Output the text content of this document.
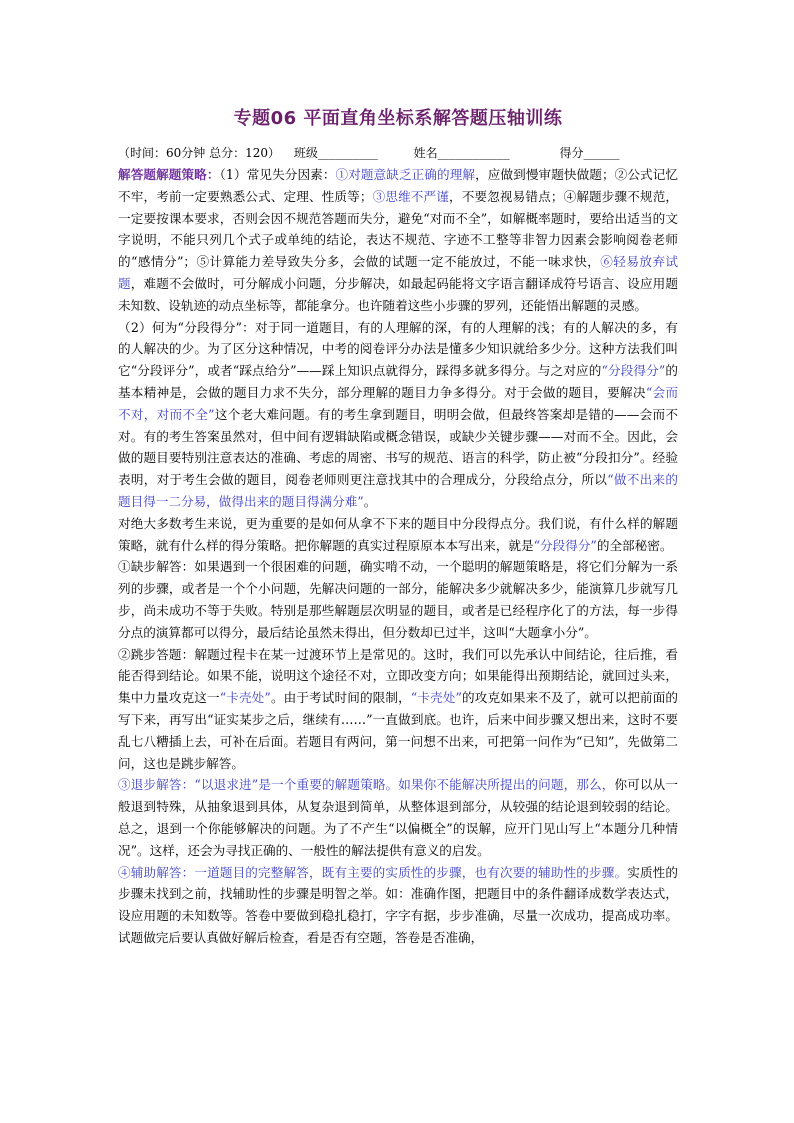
专题06 平面直角坐标系解答题压轴训练
（时间：60分钟 总分：120） 班级__________	姓名____________	得分______

解答题解题策略：（1）常见失分因素：①对题意缺乏正确的理解，应做到慢审题快做题；②公式记忆不牢，考前一定要熟悉公式、定理、性质等；③思维不严谨，不要忽视易错点；④解题步骤不规范，一定要按课本要求，否则会因不规范答题而失分，避免“对而不全”，如解概率题时，要给出适当的文字说明，不能只列几个式子或单纯的结论，表达不规范、字迹不工整等非智力因素会影响阅卷老师的“感情分”；⑤计算能力差导致失分多，会做的试题一定不能放过，不能一味求快，⑥轻易放弃试题，难题不会做时，可分解成小问题，分步解决，如最起码能将文字语言翻译成符号语言、设应用题未知数、设轨迹的动点坐标等，都能拿分。也许随着这些小步骤的罗列，还能悟出解题的灵感。

（2）何为“分段得分”：对于同一道题目，有的人理解的深，有的人理解的浅；有的人解决的多，有的人解决的少。为了区分这种情况，中考的阅卷评分办法是懂多少知识就给多少分。这种方法我们叫它“分段评分”，或者“踩点给分”——踩上知识点就得分，踩得多就多得分。与之对应的“分段得分”的基本精神是，会做的题目力求不失分，部分理解的题目力争多得分。对于会做的题目，要解决“会而不对，对而不全”这个老大难问题。有的考生拿到题目，明明会做，但最终答案却是错的——会而不对。有的考生答案虽然对，但中间有逻辑缺陷或概念错误，或缺少关键步骤——对而不全。因此，会做的题目要特别注意表达的准确、考虑的周密、书写的规范、语言的科学，防止被“分段扣分”。经验表明，对于考生会做的题目，阅卷老师则更注意找其中的合理成分，分段给点分，所以“做不出来的题目得一二分易，做得出来的题目得满分难”。

对绝大多数考生来说，更为重要的是如何从拿不下来的题目中分段得点分。我们说，有什么样的解题策略，就有什么样的得分策略。把你解题的真实过程原原本本写出来，就是“分段得分”的全部秘密。

①缺步解答：如果遇到一个很困难的问题，确实啃不动，一个聪明的解题策略是，将它们分解为一系列的步骤，或者是一个个小问题，先解决问题的一部分，能解决多少就解决多少，能演算几步就写几步，尚未成功不等于失败。特别是那些解题层次明显的题目，或者是已经程序化了的方法，每一步得分点的演算都可以得分，最后结论虽然未得出，但分数却已过半，这叫“大题拿小分”。

②跳步答题：解题过程卡在某一过渡环节上是常见的。这时，我们可以先承认中间结论，往后推，看能否得到结论。如果不能，说明这个途径不对，立即改变方向；如果能得出预期结论，就回过头来，集中力量攻克这一“卡壳处”。由于考试时间的限制，“卡壳处”的攻克如果来不及了，就可以把前面的写下来，再写出“证实某步之后，继续有……”一直做到底。也许，后来中间步骤又想出来，这时不要乱七八糟插上去，可补在后面。若题目有两问，第一问想不出来，可把第一问作为“已知”，先做第二问，这也是跳步解答。

③退步解答：“以退求进”是一个重要的解题策略。如果你不能解决所提出的问题，那么，你可以从一般退到特殊，从抽象退到具体，从复杂退到简单，从整体退到部分，从较强的结论退到较弱的结论。总之，退到一个你能够解决的问题。为了不产生“以偏概全”的误解，应开门见山写上“本题分几种情况”。这样，还会为寻找正确的、一般性的解法提供有意义的启发。

④辅助解答：一道题目的完整解答，既有主要的实质性的步骤，也有次要的辅助性的步骤。实质性的步骤未找到之前，找辅助性的步骤是明智之举。如：准确作图，把题目中的条件翻译成数学表达式，设应用题的未知数等。答卷中要做到稳扎稳打，字字有据，步步准确，尽量一次成功，提高成功率。试题做完后要认真做好解后检查，看是否有空题，答卷是否准确，
